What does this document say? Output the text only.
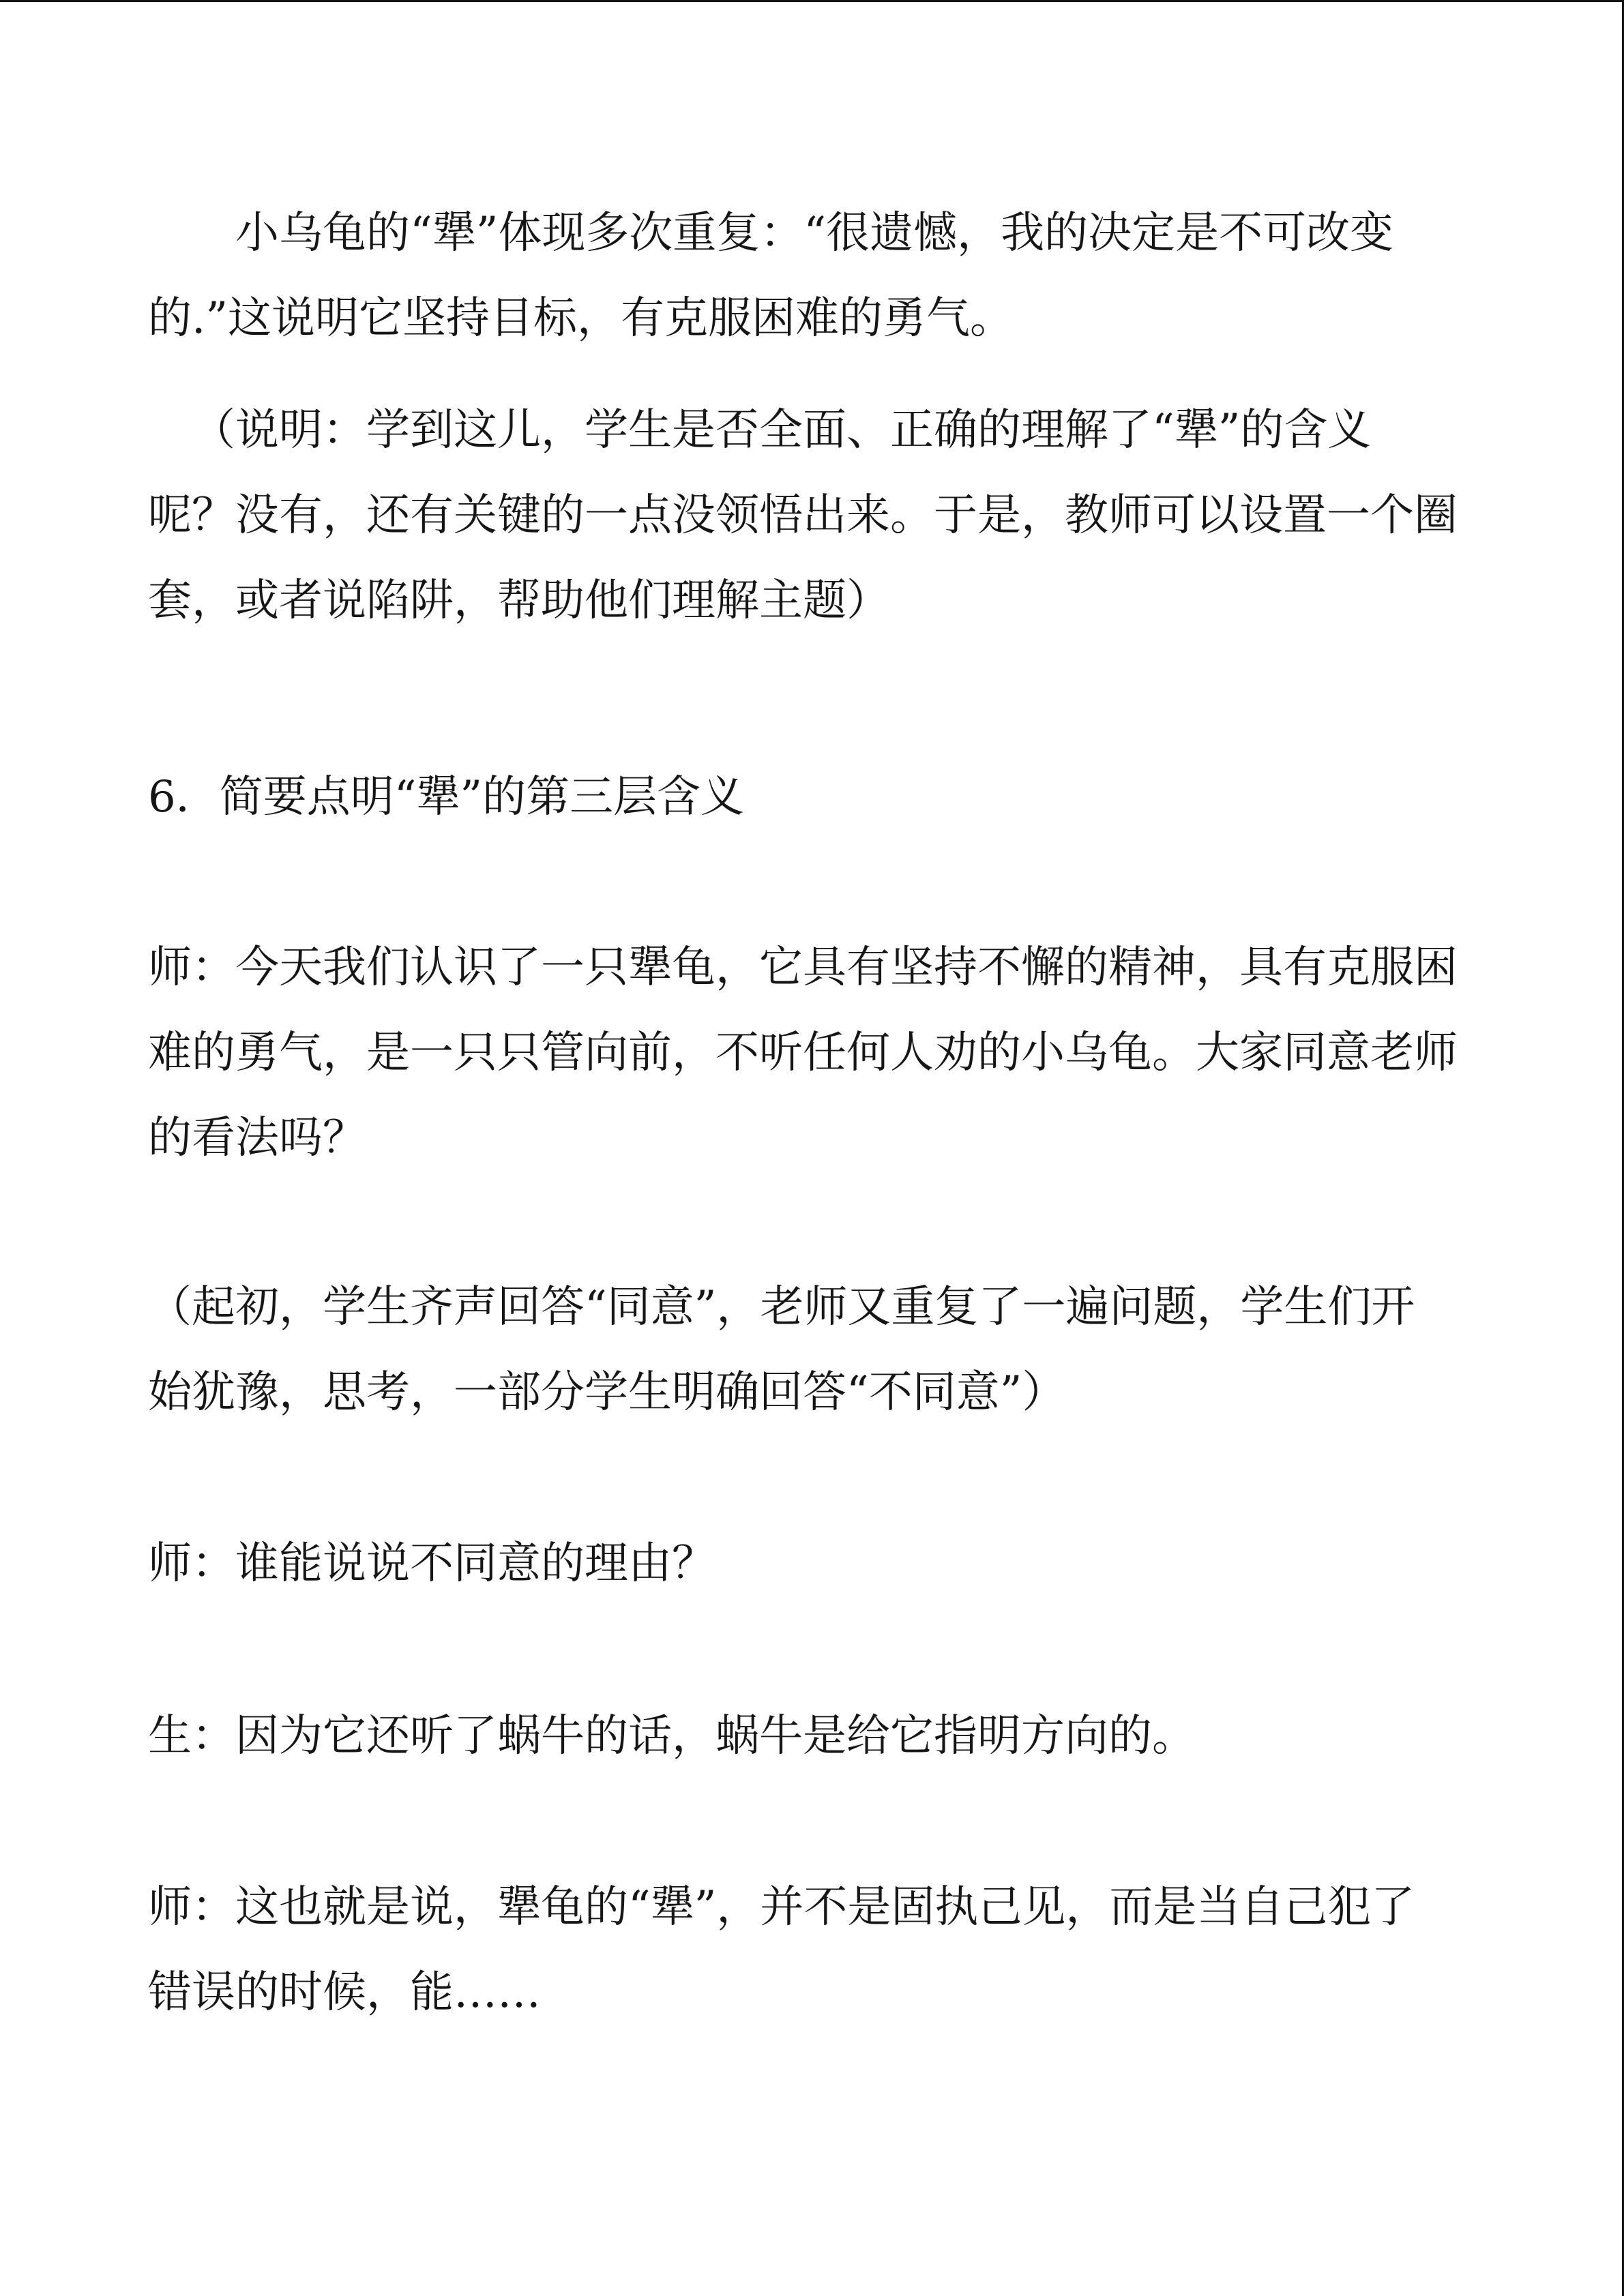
小乌龟的“犟”体现多次重复：“很遗憾，我的决定是不可改变
的.”这说明它坚持目标，有克服困难的勇气。
（说明：学到这儿，学生是否全面、正确的理解了“犟”的含义
呢？没有，还有关键的一点没领悟出来。于是，教师可以设置一个圈
套，或者说陷阱，帮助他们理解主题）
6．简要点明“犟”的第三层含义
师：今天我们认识了一只犟龟，它具有坚持不懈的精神，具有克服困
难的勇气，是一只只管向前，不听任何人劝的小乌龟。大家同意老师
的看法吗？
（起初，学生齐声回答“同意”，老师又重复了一遍问题，学生们开
始犹豫，思考，一部分学生明确回答“不同意”）
师：谁能说说不同意的理由？
生：因为它还听了蜗牛的话，蜗牛是给它指明方向的。
师：这也就是说，犟龟的“犟”，并不是固执己见，而是当自己犯了
错误的时候，能……
